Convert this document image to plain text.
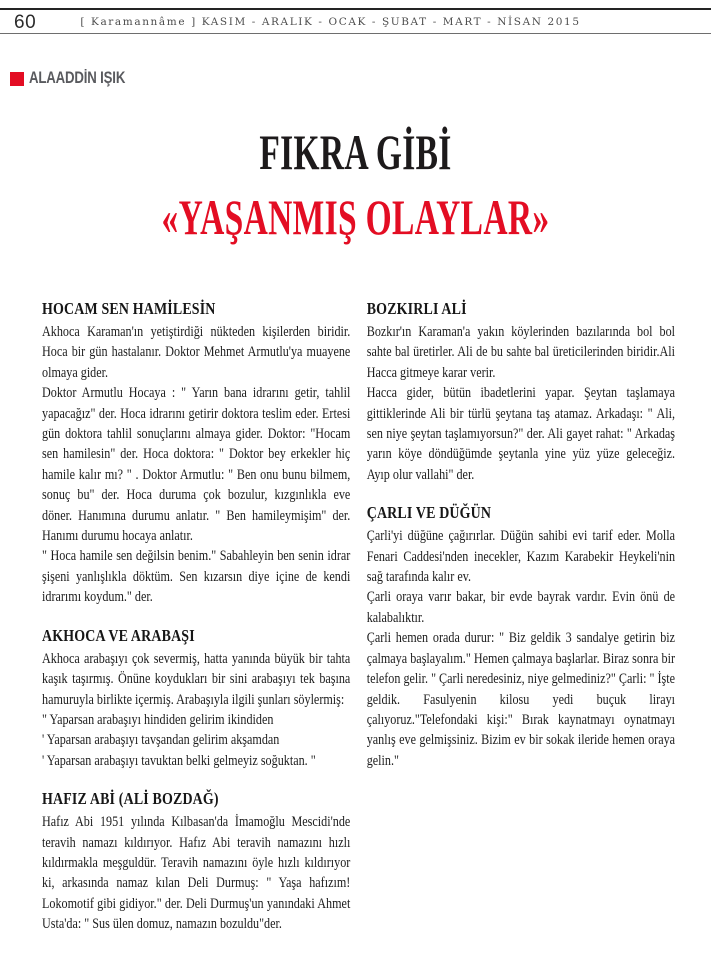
60	[ Karamannâme ] KASIM - ARALIK - OCAK - ŞUBAT - MART - NİSAN 2015
ALAADDİN IŞIK
FIKRA GİBİ
«YAŞANMIŞ OLAYLAR»
HOCAM SEN HAMİLESİN

Akhoca Karaman'ın yetiştirdiği nükteden kişilerden biridir. Hoca bir gün hastalanır. Doktor Mehmet Armutlu'ya muayene olmaya gider.

Doktor Armutlu Hocaya : " Yarın bana idrarını getir, tahlil yapacağız" der. Hoca idrarını getirir doktora teslim eder. Ertesi gün doktora tahlil sonuçlarını almaya gider. Doktor: "Hocam sen hamilesin" der. Hoca doktora: " Doktor bey erkekler hiç hamile kalır mı? " . Doktor Armutlu: " Ben onu bunu bilmem, sonuç bu" der. Hoca duruma çok bozulur, kızgınlıkla eve döner. Hanımına durumu anlatır. " Ben hamileymişim" der. Hanımı durumu hocaya anlatır.

" Hoca hamile sen değilsin benim." Sabahleyin ben senin idrar şişeni yanlışlıkla döktüm. Sen kızarsın diye içine de kendi idrarımı koydum." der.

AKHOCA VE ARABAŞI

Akhoca arabaşıyı çok severmiş, hatta yanında büyük bir tahta kaşık taşırmış. Önüne koydukları bir sini arabaşıyı tek başına hamuruyla birlikte içermiş. Arabaşıyla ilgili şunları söylermiş:

" Yaparsan arabaşıyı hindiden gelirim ikindiden

' Yaparsan arabaşıyı tavşandan gelirim akşamdan

' Yaparsan arabaşıyı tavuktan belki gelmeyiz soğuktan. "

HAFIZ ABİ (ALİ BOZDAĞ)

Hafız Abi 1951 yılında Kılbasan'da İmamoğlu Mescidi'nde teravih namazı kıldırıyor. Hafız Abi teravih namazını hızlı kıldırmakla meşguldür. Teravih namazını öyle hızlı kıldırıyor ki, arkasında namaz kılan Deli Durmuş: " Yaşa hafızım! Lokomotif gibi gidiyor." der. Deli Durmuş'un yanındaki Ahmet Usta'da: " Sus ülen domuz, namazın bozuldu"der.

BOZKIRLI ALİ

Bozkır'ın Karaman'a yakın köylerinden bazılarında bol bol sahte bal üretirler. Ali de bu sahte bal üreticilerinden biridir.Ali Hacca gitmeye karar verir.

Hacca gider, bütün ibadetlerini yapar. Şeytan taşlamaya gittiklerinde Ali bir türlü şeytana taş atamaz. Arkadaşı: " Ali, sen niye şeytan taşlamıyorsun?" der. Ali gayet rahat: " Arkadaş yarın köye döndüğümde şeytanla yine yüz yüze geleceğiz. Ayıp olur vallahi" der.

ÇARLI VE DÜĞÜN

Çarli'yi düğüne çağırırlar. Düğün sahibi evi tarif eder. Molla Fenari Caddesi'nden inecekler, Kazım Karabekir Heykeli'nin sağ tarafında kalır ev.

Çarli oraya varır bakar, bir evde bayrak vardır. Evin önü de kalabalıktır.

Çarli hemen orada durur: " Biz geldik 3 sandalye getirin biz çalmaya başlayalım." Hemen çalmaya başlarlar. Biraz sonra bir telefon gelir. " Çarli neredesiniz, niye gelmediniz?" Çarli: " İşte geldik. Fasulyenin kilosu yedi buçuk lirayı çalıyoruz."Telefondaki kişi:" Bırak kaynatmayı oynatmayı yanlış eve gelmişsiniz. Bizim ev bir sokak ileride hemen oraya gelin."
